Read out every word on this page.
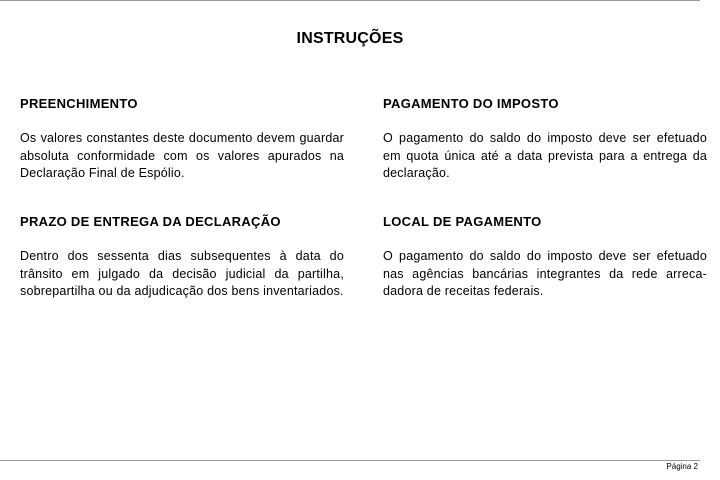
INSTRUÇÕES
PREENCHIMENTO

Os valores constantes deste documento devem guardar absoluta conformidade com os valores apurados na Declaração Final de Espólio.

PAGAMENTO DO IMPOSTO

O pagamento do saldo do imposto deve ser efetuado em quota única até a data prevista para a entrega da declaração.

PRAZO DE ENTREGA DA DECLARAÇÃO

Dentro dos sessenta dias subsequentes à data do trânsito em julgado da decisão judicial da partilha, sobrepartilha ou da adjudicação dos bens inventariados.

LOCAL DE PAGAMENTO

O pagamento do saldo do imposto deve ser efetuado nas agências bancárias integrantes da rede arreca-dadora de receitas federais.

Página 2
